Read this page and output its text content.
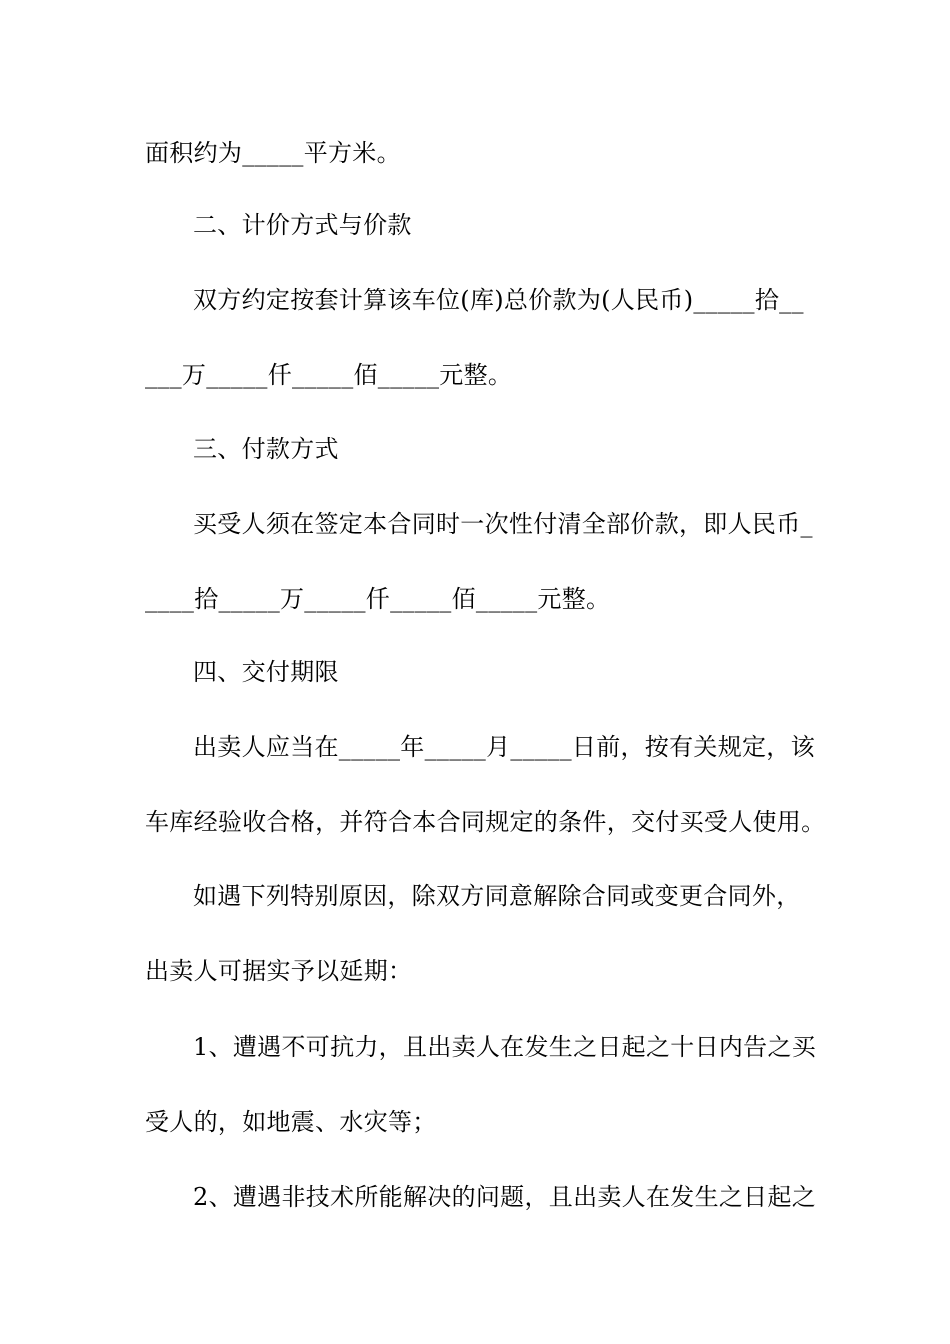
面积约为_____平方米。
二、计价方式与价款
双方约定按套计算该车位(库)总价款为(人民币)_____拾__
___万_____仟_____佰_____元整。
三、付款方式
买受人须在签定本合同时一次性付清全部价款，即人民币_
____拾_____万_____仟_____佰_____元整。
四、交付期限
出卖人应当在_____年_____月_____日前，按有关规定，该
车库经验收合格，并符合本合同规定的条件，交付买受人使用。
如遇下列特别原因，除双方同意解除合同或变更合同外，
出卖人可据实予以延期：
1、遭遇不可抗力，且出卖人在发生之日起之十日内告之买
受人的，如地震、水灾等；
2、遭遇非技术所能解决的问题，且出卖人在发生之日起之
